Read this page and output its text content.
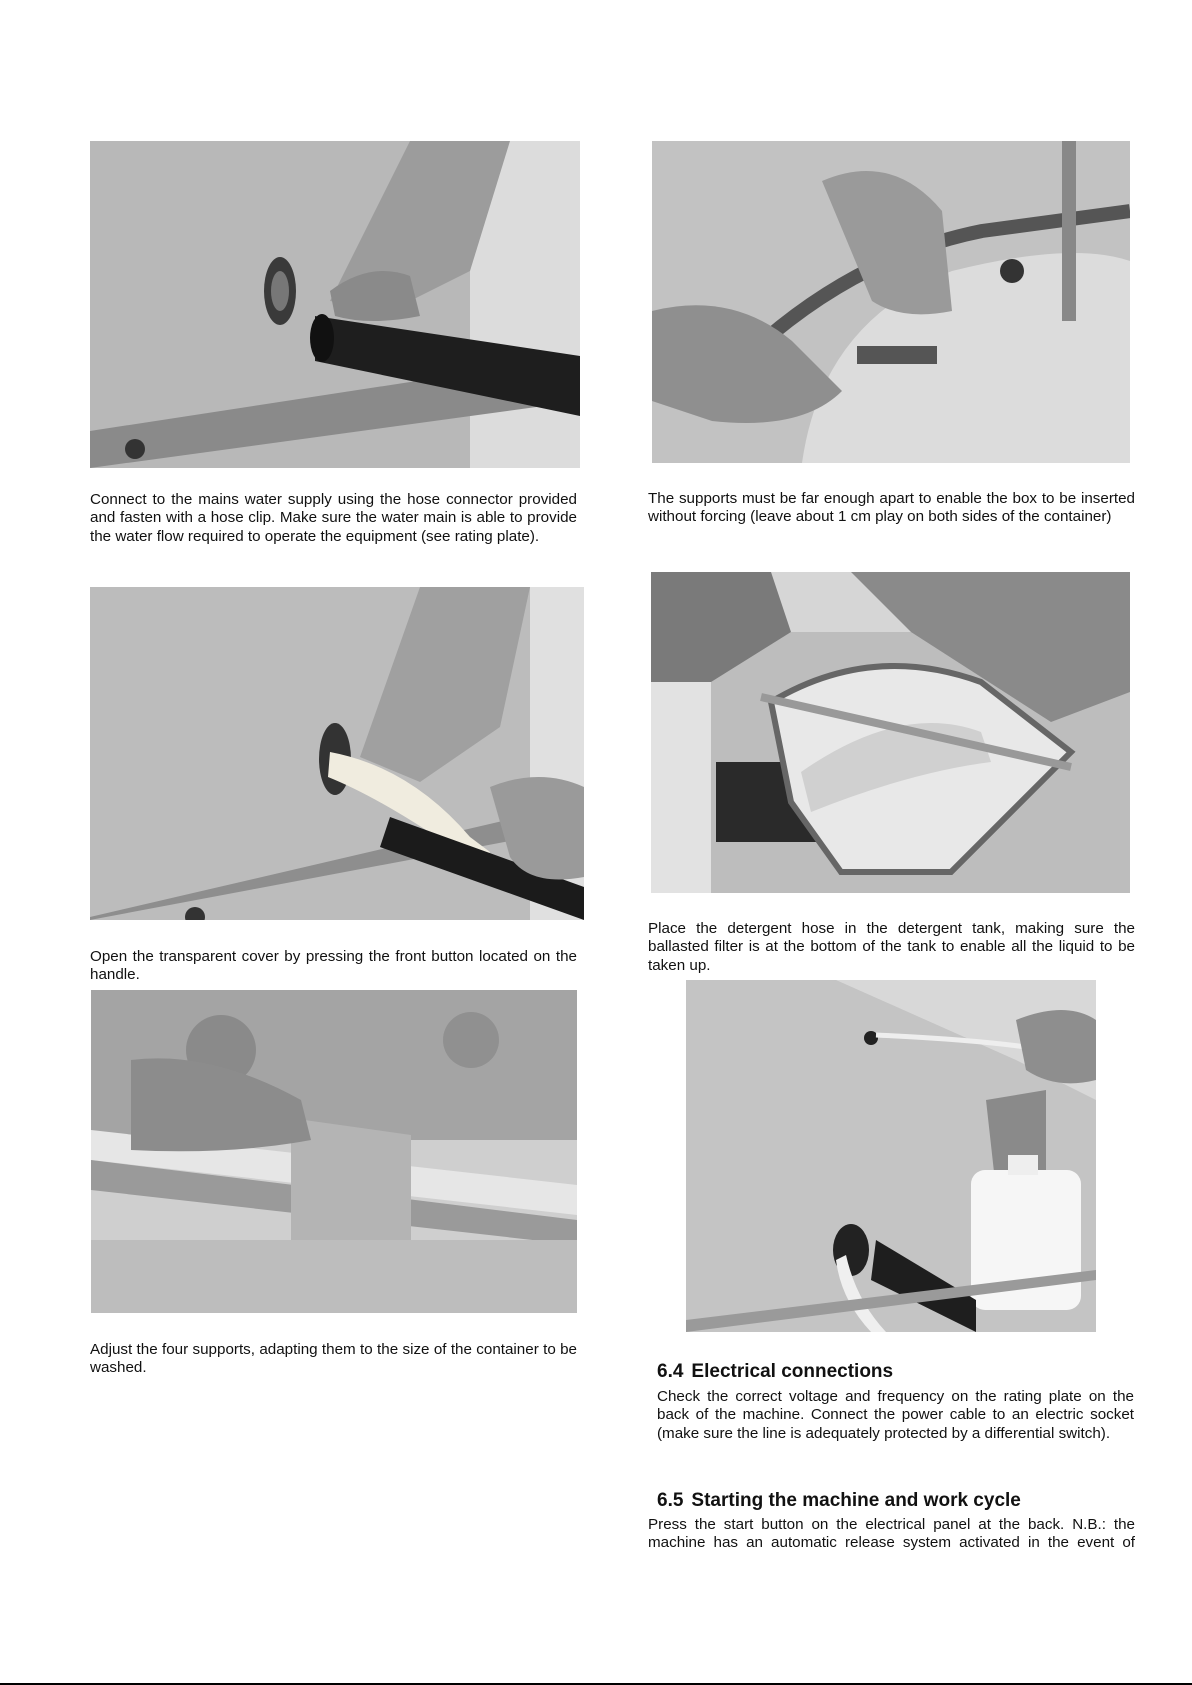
Connect to the mains water supply using the hose connector provided and fasten with a hose clip. Make sure the water main is able to provide the water flow required to operate the equipment (see rating plate).

Open the transparent cover by pressing the front button located on the handle.

Adjust the four supports, adapting them to the size of the container to be washed.

The supports must be far enough apart to enable the box to be inserted without forcing (leave about 1 cm play on both sides of the container)

Place the detergent hose in the detergent tank, making sure the ballasted filter is at the bottom of the tank to enable all the liquid to be taken up.

6.4 Electrical connections

Check the correct voltage and frequency on the rating plate on the back of the machine. Connect the power cable to an electric socket (make sure the line is adequately protected by a differential switch).

6.5 Starting the machine and work cycle

Press the start button on the electrical panel at the back. N.B.: the machine has an automatic release system activated in the event of
